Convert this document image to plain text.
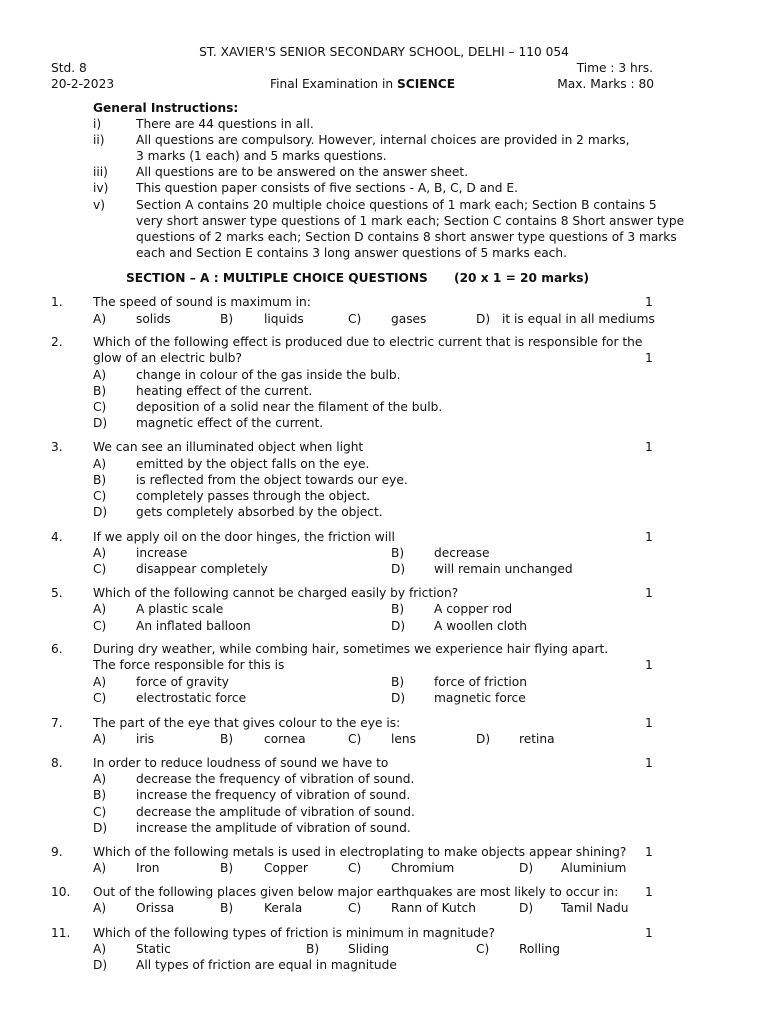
ST. XAVIER'S SENIOR SECONDARY SCHOOL, DELHI – 110 054
Std. 8	Time : 3 hrs.
20-2-2023	Final Examination in SCIENCE	Max. Marks : 80
General Instructions:
i)	There are 44 questions in all.
ii)	All questions are compulsory. However, internal choices are provided in 2 marks,
3 marks (1 each) and 5 marks questions.
iii) All questions are to be answered on the answer sheet.
iv) This question paper consists of five sections - A, B, C, D and E.
v)	Section A contains 20 multiple choice questions of 1 mark each; Section B contains 5
very short answer type questions of 1 mark each; Section C contains 8 Short answer type
questions of 2 marks each; Section D contains 8 short answer type questions of 3 marks
each and Section E contains 3 long answer questions of 5 marks each.
SECTION – A : MULTIPLE CHOICE QUESTIONS (20 x 1 = 20 marks)
1. The speed of sound is maximum in:	1
A) solids	B)	liquids	C) gases	D) it is equal in all mediums
2. Which of the following effect is produced due to electric current that is responsible for the
glow of an electric bulb?	1
A) change in colour of the gas inside the bulb.
B) heating effect of the current.
C) deposition of a solid near the filament of the bulb.
D) magnetic effect of the current.
3. We can see an illuminated object when light	1
A) emitted by the object falls on the eye.
B) is reflected from the object towards our eye.
C) completely passes through the object.
D) gets completely absorbed by the object.
4. If we apply oil on the door hinges, the friction will	1
A) increase	B) decrease
C) disappear completely	D) will remain unchanged
5. Which of the following cannot be charged easily by friction?	1
A) A plastic scale	B) A copper rod
C) An inflated balloon	D) A woollen cloth
6. During dry weather, while combing hair, sometimes we experience hair flying apart.
The force responsible for this is	1
A) force of gravity	B) force of friction
C) electrostatic force	D) magnetic force
7. The part of the eye that gives colour to the eye is:	1
A) iris	B)	cornea	C) lens	D) retina
8. In order to reduce loudness of sound we have to	1
A) decrease the frequency of vibration of sound.
B) increase the frequency of vibration of sound.
C) decrease the amplitude of vibration of sound.
D) increase the amplitude of vibration of sound.
9. Which of the following metals is used in electroplating to make objects appear shining? 1
A) Iron	B)	Copper	C) Chromium	D) Aluminium
10. Out of the following places given below major earthquakes are most likely to occur in: 1
A) Orissa	B)	Kerala	C) Rann of Kutch	D) Tamil Nadu
11. Which of the following types of friction is minimum in magnitude?	1
A) Static	B) Sliding	C) Rolling
D) All types of friction are equal in magnitude
